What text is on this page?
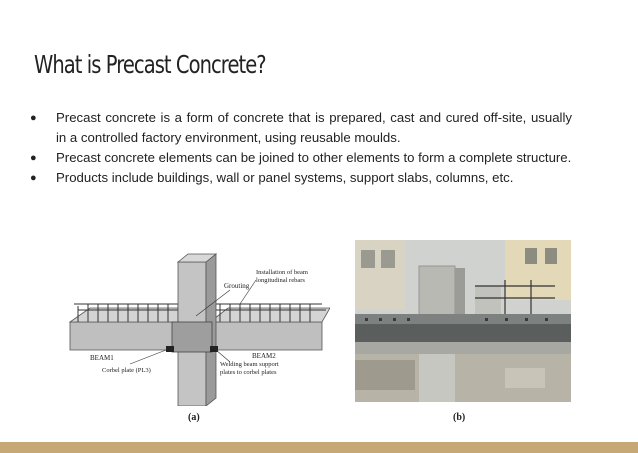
What is Precast Concrete?
●	Precast concrete is a form of concrete that is prepared, cast and cured off-site, usually in a controlled factory environment, using reusable moulds.
●	Precast concrete elements can be joined to other elements to form a complete structure.
●	Products include buildings, wall or panel systems, support slabs, columns, etc.
Grouting
Installation of beam
longitudinal rebars
BEAM1	BEAM2
Corbel plate (PL3)
Welding beam support
plates to corbel plates
(a)	(b)
